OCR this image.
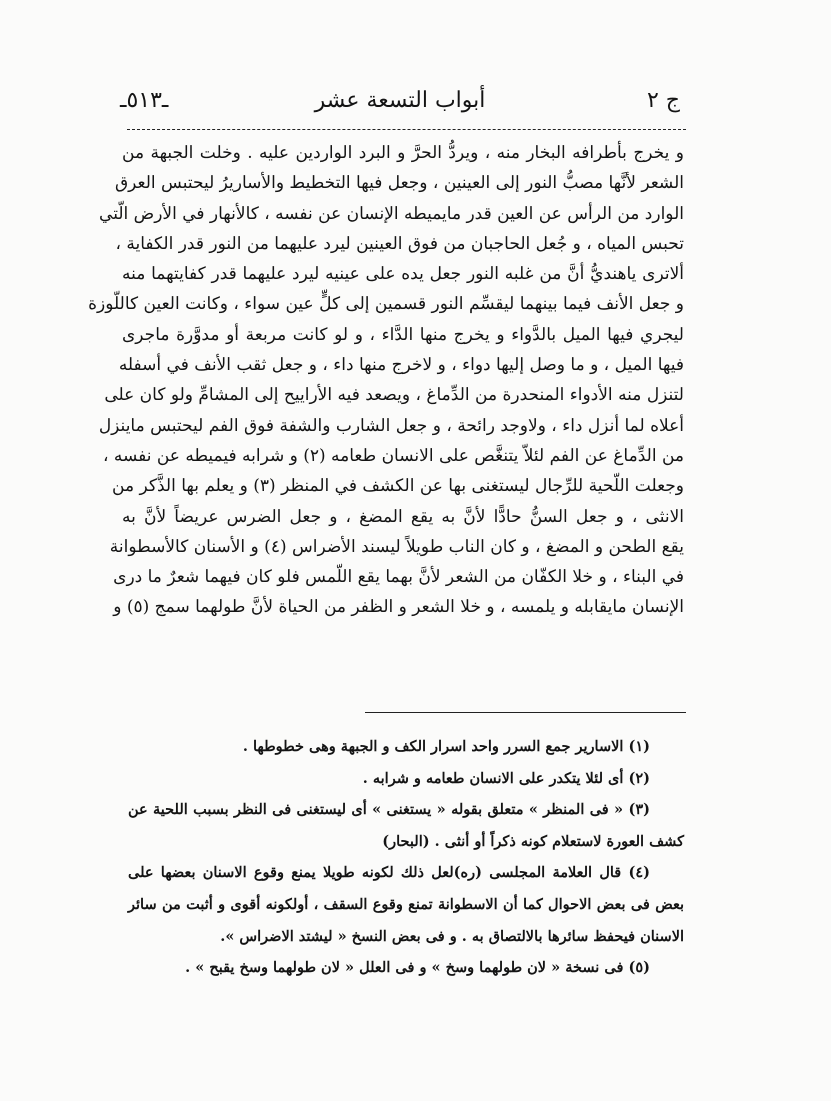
ج ٢
أبواب التسعة عشر
ـ٥١٣ـ
و يخرج بأطرافه البخار منه ، ويردُّ الحرَّ و البرد الواردين عليه . وخلت الجبهة من
الشعر لأنَّها مصبُّ النور إلى العينين ، وجعل فيها التخطيط والأساريرُ ليحتبس العرق
الوارد من الرأس عن العين قدر مايميطه الإنسان عن نفسه ، كالأنهار في الأرض الّتي
تحبس المياه ، و جُعل الحاجبان من فوق العينين ليرد عليهما من النور قدر الكفاية ،
ألاترى ياهنديُّ أنَّ من غلبه النور جعل يده على عينيه ليرد عليهما قدر كفايتهما منه
و جعل الأنف فيما بينهما ليقسِّم النور قسمين إلى كلٍّ عين سواء ، وكانت العين كاللّوزة
ليجري فيها الميل بالدَّواء و يخرج منها الدَّاء ، و لو كانت مربعة أو مدوَّرة ماجرى
فيها الميل ، و ما وصل إليها دواء ، و لاخرج منها داء ، و جعل ثقب الأنف في أسفله
لتنزل منه الأدواء المنحدرة من الدِّماغ ، ويصعد فيه الأراييح إلى المشامِّ ولو كان على
أعلاه لما أنزل داء ، ولاوجد رائحة ، و جعل الشارب والشفة فوق الفم ليحتبس ماينزل
من الدِّماغ عن الفم لئلاّ يتنغَّص على الانسان طعامه (٢) و شرابه فيميطه عن نفسه ،
وجعلت اللّحية للرِّجال ليستغنى بها عن الكشف في المنظر (٣) و يعلم بها الذَّكر من
الانثى ، و جعل السنُّ حادًّا لأنَّ به يقع المضغ ، و جعل الضرس عريضاً لأنَّ به
يقع الطحن و المضغ ، و كان الناب طويلاً ليسند الأضراس (٤) و الأسنان كالأسطوانة
في البناء ، و خلا الكفّان من الشعر لأنَّ بهما يقع اللّمس فلو كان فيهما شعرٌ ما درى
الإنسان مايقابله و يلمسه ، و خلا الشعر و الظفر من الحياة لأنَّ طولهما سمج (٥) و
(١) الاسارير جمع السرر واحد اسرار الكف و الجبهة وهى خطوطها .
(٢) أى لئلا يتكدر على الانسان طعامه و شرابه .
(٣) « فى المنظر » متعلق بقوله « يستغنى » أى ليستغنى فى النظر بسبب اللحية عن
كشف العورة لاستعلام كونه ذكراً أو أنثى . (البحار)
(٤) قال العلامة المجلسى (ره)لعل ذلك لكونه طويلا يمنع وقوع الاسنان بعضها على
بعض فى بعض الاحوال كما أن الاسطوانة تمنع وقوع السقف ، أولكونه أقوى و أثبت من سائر
الاسنان فيحفظ سائرها بالالتصاق به . و فى بعض النسخ « ليشتد الاضراس ».
(٥) فى نسخة « لان طولهما وسخ » و فى العلل « لان طولهما وسخ يقبح » .
